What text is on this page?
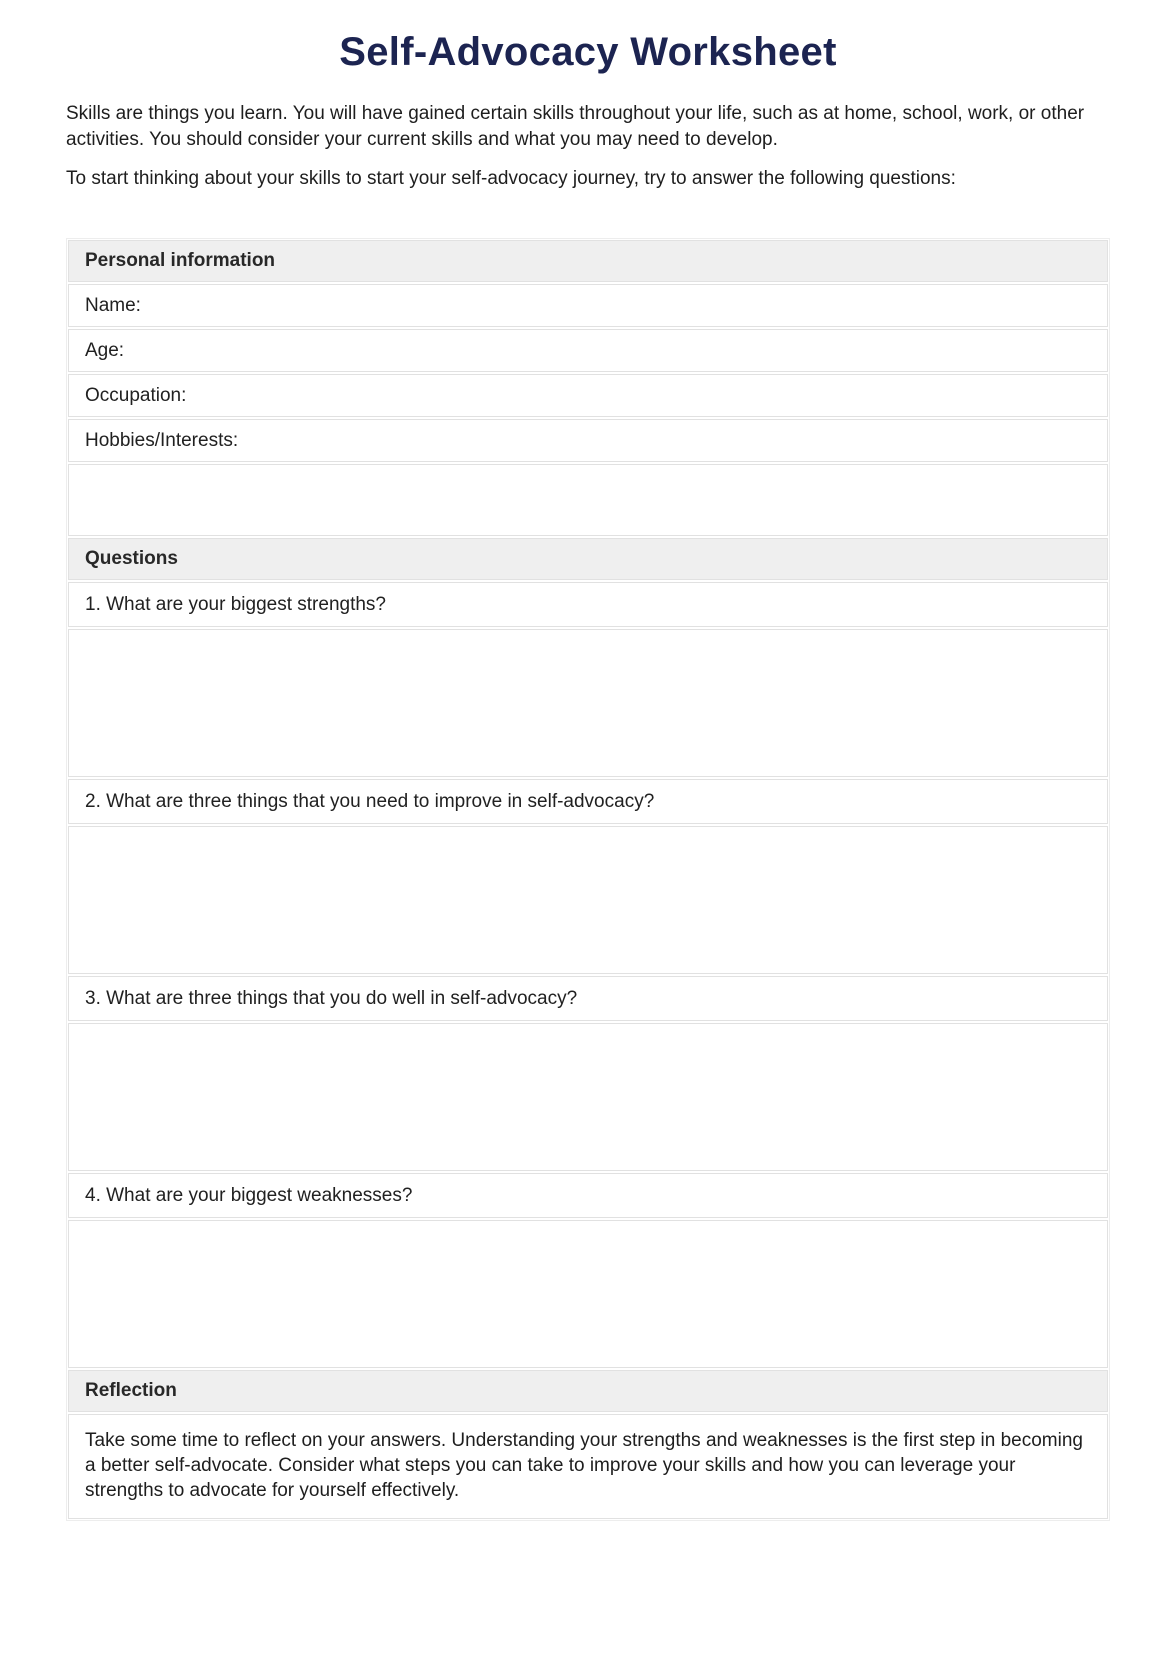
Self-Advocacy Worksheet

Skills are things you learn. You will have gained certain skills throughout your life, such as at home, school, work, or other activities. You should consider your current skills and what you may need to develop.

To start thinking about your skills to start your self-advocacy journey, try to answer the following questions:

Personal information
Name:
Age:
Occupation:
Hobbies/Interests:
Questions
1. What are your biggest strengths?
2. What are three things that you need to improve in self-advocacy?
3. What are three things that you do well in self-advocacy?
4. What are your biggest weaknesses?
Reflection

Take some time to reflect on your answers. Understanding your strengths and weaknesses is the first step in becoming a better self-advocate. Consider what steps you can take to improve your skills and how you can leverage your strengths to advocate for yourself effectively.
